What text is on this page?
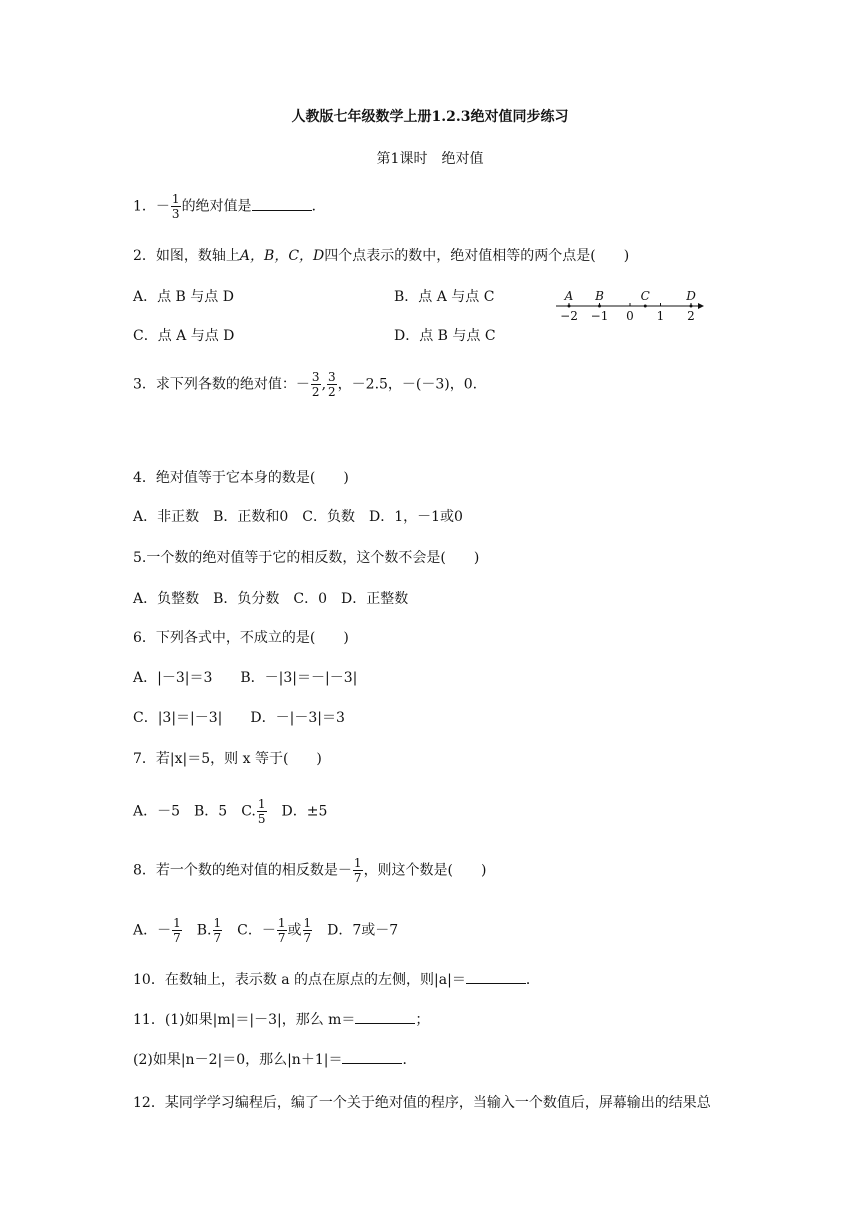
人教版七年级数学上册1.2.3绝对值同步练习
第1课时　绝对值
1．－ $\frac{1}{3}$ 的绝对值是	．
2．如图，数轴上A，B，C，D四个点表示的数中，绝对值相等的两个点是(　　)
A．点 B 与点 D	B．点 A 与点 C
C．点 A 与点 D	D．点 B 与点 C
−2 −1 0 1 2
A B	C	D
3．求下列各数的绝对值：－ $\frac{3}{2}$ , $\frac{3}{2}$ ，－2.5，－(－3)，0.
4．绝对值等于它本身的数是(　　)
A．非正数　B．正数和0　C．负数　D．1，－1或0
5.一个数的绝对值等于它的相反数，这个数不会是(　　)
A．负整数　B．负分数　C．0　D．正整数
6．下列各式中，不成立的是(　　)
A．|－3|＝3　　B．－|3|＝－|－3|
C．|3|＝|－3|　　D．－|－3|＝3
7．若|x|＝5，则 x 等于(　　)
A．－5　B．5　C. $\frac{1}{5}$ 　D．±5
8．若一个数的绝对值的相反数是－ $\frac{1}{7}$ ，则这个数是(　　)
A．－ $\frac{1}{7}$ 　B. $\frac{1}{7}$ 　C．－ $\frac{1}{7}$ 或 $\frac{1}{7}$ 　D．7或－7
10．在数轴上，表示数 a 的点在原点的左侧，则|a|＝	．
11．(1)如果|m|＝|－3|，那么 m＝	；
(2)如果|n－2|＝0，那么|n＋1|＝	．
12．某同学学习编程后，编了一个关于绝对值的程序，当输入一个数值后，屏幕输出的结果总
